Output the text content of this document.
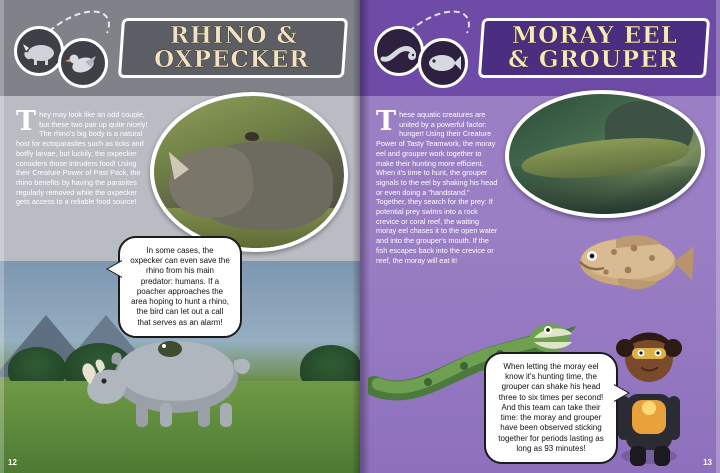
RHINO &
OXPECKER
They may look like an odd couple, but these two pair up quite nicely! The rhino's big body is a natural host for ectoparasites such as ticks and botfly larvae, but luckily, the oxpecker considers those intruders food! Using their Creature Power of Past Pack, the rhino benefits by having the parasites regularly removed while the oxpecker gets access to a reliable food source!
In some cases, the oxpecker can even save the rhino from his main predator: humans. If a poacher approaches the area hoping to hunt a rhino, the bird can let out a call that serves as an alarm!
12
MORAY EEL
& GROUPER
These aquatic creatures are united by a powerful factor: hunger! Using their Creature Power of Tasty Teamwork, the moray eel and grouper work together to make their hunting more efficient. When it's time to hunt, the grouper signals to the eel by shaking his head or even doing a "handstand." Together, they search for the prey: If potential prey swims into a rock crevice or coral reef, the waiting moray eel chases it to the open water and into the grouper's mouth. If the fish escapes back into the crevice or reef, the moray will eat it!
When letting the moray eel know it's hunting time, the grouper can shake his head three to six times per second! And this team can take their time: the moray and grouper have been observed sticking together for periods lasting as long as 93 minutes!
13
